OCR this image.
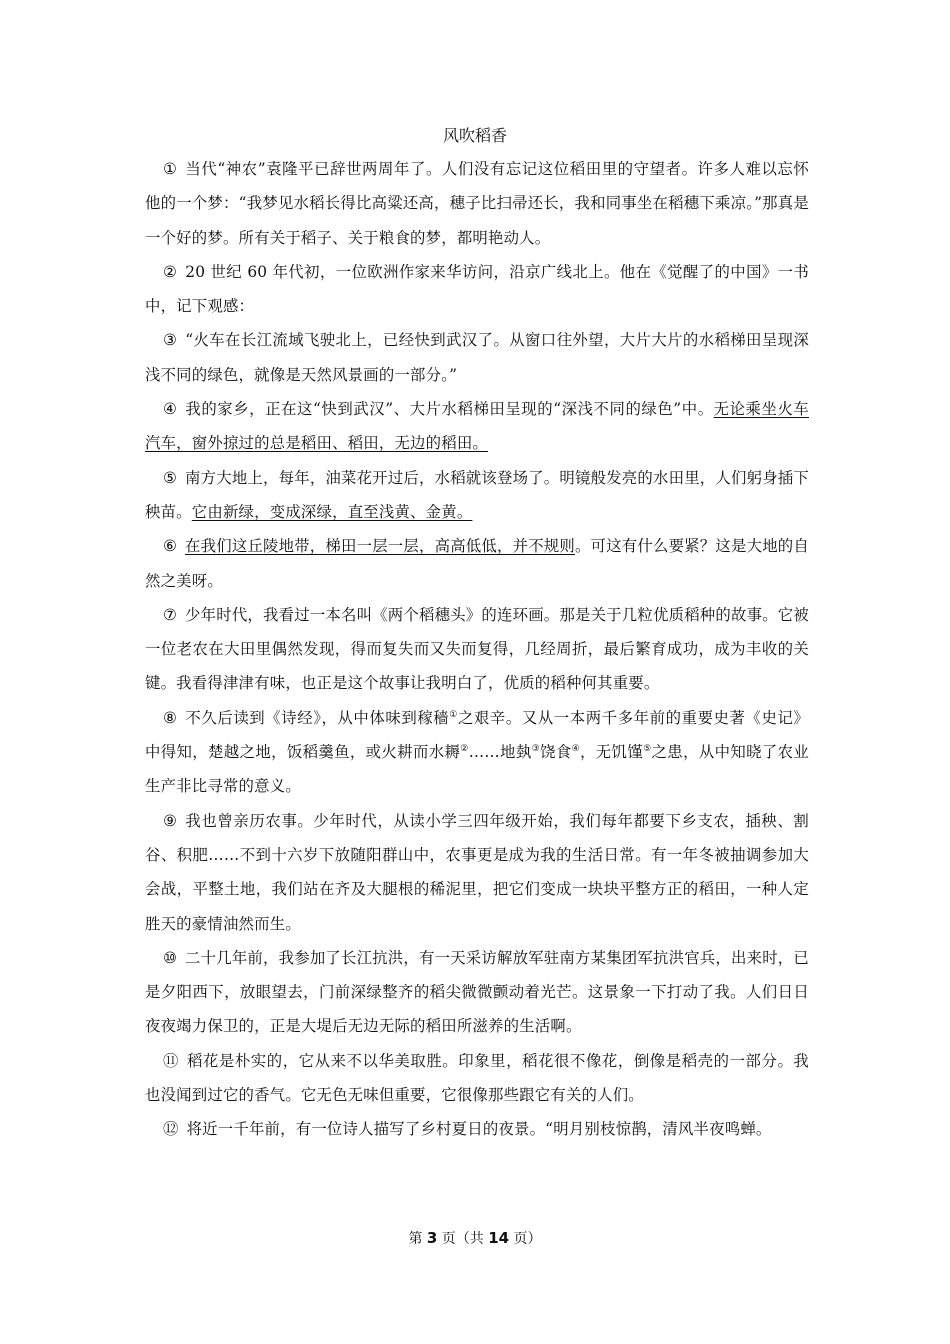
风吹稻香

① 当代“神农”袁隆平已辞世两周年了。人们没有忘记这位稻田里的守望者。许多人难以忘怀他的一个梦：“我梦见水稻长得比高粱还高，穗子比扫帚还长，我和同事坐在稻穗下乘凉。”那真是一个好的梦。所有关于稻子、关于粮食的梦，都明艳动人。

② 20 世纪 60 年代初，一位欧洲作家来华访问，沿京广线北上。他在《觉醒了的中国》一书中，记下观感：

③ “火车在长江流域飞驶北上，已经快到武汉了。从窗口往外望，大片大片的水稻梯田呈现深浅不同的绿色，就像是天然风景画的一部分。”

④ 我的家乡，正在这“快到武汉”、大片水稻梯田呈现的“深浅不同的绿色”中。无论乘坐火车汽车，窗外掠过的总是稻田、稻田，无边的稻田。

⑤ 南方大地上，每年，油菜花开过后，水稻就该登场了。明镜般发亮的水田里，人们躬身插下秧苗。它由新绿，变成深绿，直至浅黄、金黄。

⑥ 在我们这丘陵地带，梯田一层一层，高高低低，并不规则。可这有什么要紧？这是大地的自然之美呀。

⑦ 少年时代，我看过一本名叫《两个稻穗头》的连环画。那是关于几粒优质稻种的故事。它被一位老农在大田里偶然发现，得而复失而又失而复得，几经周折，最后繁育成功，成为丰收的关键。我看得津津有味，也正是这个故事让我明白了，优质的稻种何其重要。

⑧ 不久后读到《诗经》，从中体味到稼穑①之艰辛。又从一本两千多年前的重要史著《史记》中得知，楚越之地，饭稻羹鱼，或火耕而水耨②……地埶③饶食④，无饥馑⑤之患，从中知晓了农业生产非比寻常的意义。

⑨ 我也曾亲历农事。少年时代，从读小学三四年级开始，我们每年都要下乡支农，插秧、割谷、积肥……不到十六岁下放随阳群山中，农事更是成为我的生活日常。有一年冬被抽调参加大会战，平整土地，我们站在齐及大腿根的稀泥里，把它们变成一块块平整方正的稻田，一种人定胜天的豪情油然而生。

⑩ 二十几年前，我参加了长江抗洪，有一天采访解放军驻南方某集团军抗洪官兵，出来时，已是夕阳西下，放眼望去，门前深绿整齐的稻尖微微颤动着光芒。这景象一下打动了我。人们日日夜夜竭力保卫的，正是大堤后无边无际的稻田所滋养的生活啊。

⑪ 稻花是朴实的，它从来不以华美取胜。印象里，稻花很不像花，倒像是稻壳的一部分。我也没闻到过它的香气。它无色无味但重要，它很像那些跟它有关的人们。

⑫ 将近一千年前，有一位诗人描写了乡村夏日的夜景。“明月别枝惊鹊，清风半夜鸣蝉。

第 3 页（共 14 页）
